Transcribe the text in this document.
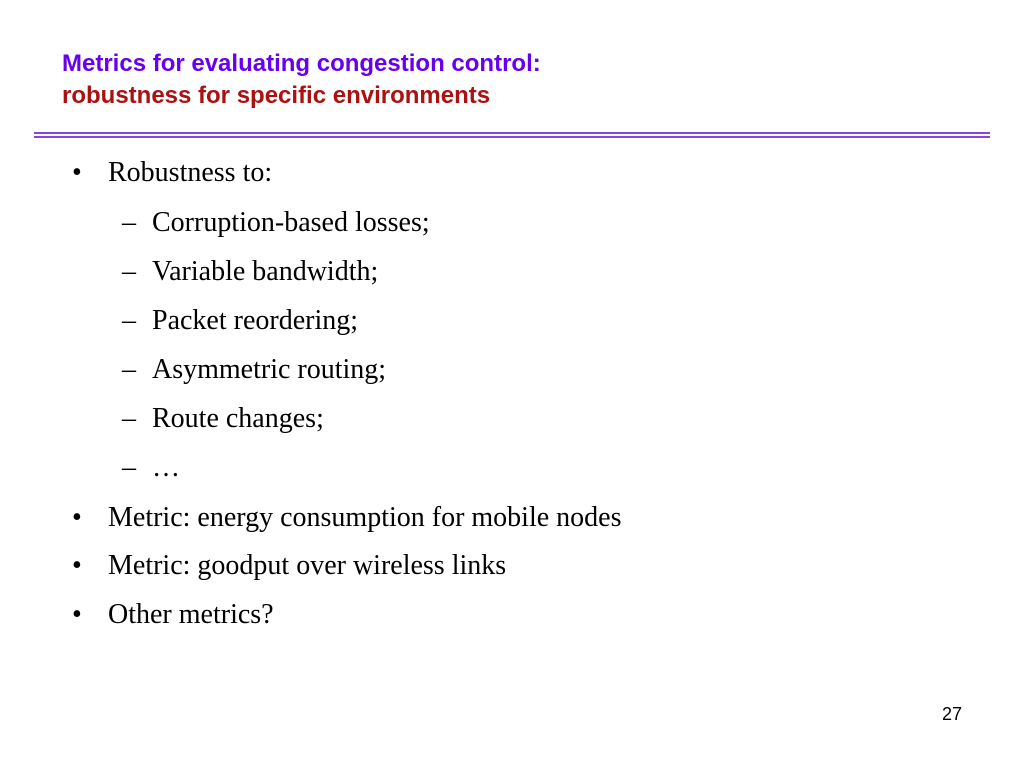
Metrics for evaluating congestion control:
robustness for specific environments
• Robustness to:
– Corruption-based losses;
– Variable bandwidth;
– Packet reordering;
– Asymmetric routing;
– Route changes;
– …
• Metric: energy consumption for mobile nodes
• Metric: goodput over wireless links
• Other metrics?
27
